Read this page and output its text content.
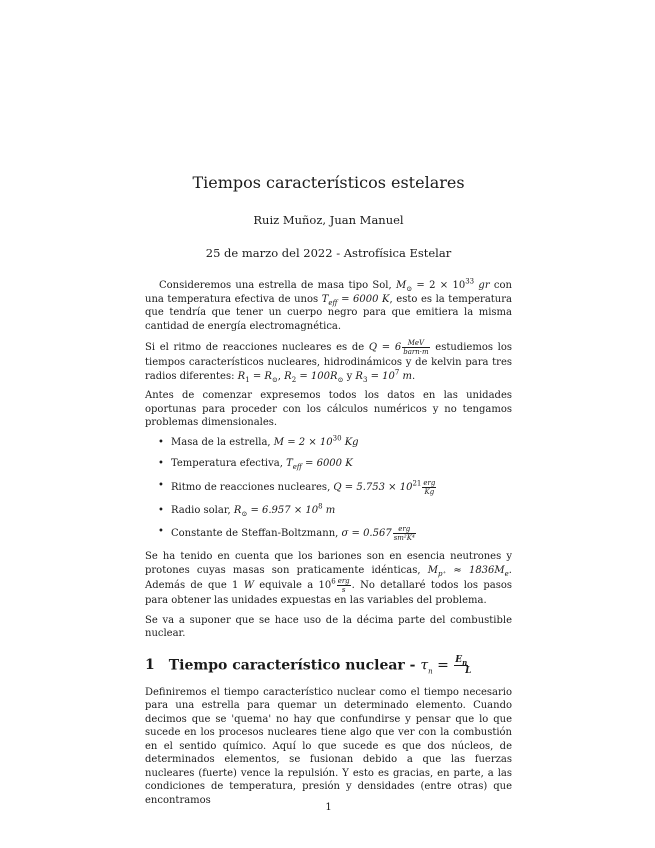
Tiempos característicos estelares
Ruiz Muñoz, Juan Manuel
25 de marzo del 2022 - Astrofísica Estelar

Consideremos una estrella de masa tipo Sol, $M_⊙ = 2 \times 10^{33}$ gr con una temperatura efectiva de unos $T_{eff} = 6000$ K, esto es la temperatura que tendría que tener un cuerpo negro para que emitiera la misma cantidad de energía electromagnética.

Si el ritmo de reacciones nucleares es de $Q = 6 \frac{\text{MeV}}{\text{barn·m}}$ estudiemos los tiempos característicos nucleares, hidrodinámicos y de kelvin para tres radios diferentes: $R_1 = R_⊙$, $R_2 = 100R_⊙$ y $R_3 = 10^7$ m.

Antes de comenzar expresemos todos los datos en las unidades oportunas para proceder con los cálculos numéricos y no tengamos problemas dimensionales.

• Masa de la estrella, $M = 2 \times 10^{30}$ Kg
• Temperatura efectiva, $T_{eff} = 6000$ K
• Ritmo de reacciones nucleares, $Q = 5.753 \times 10^{21} \frac{\text{erg}}{Kg}$
• Radio solar, $R_⊙ = 6.957 \times 10^8$ m
• Constante de Steffan-Boltzmann, $\sigma = 0.567 \frac{\text{erg}}{\text{sm²K⁴}}$

Se ha tenido en cuenta que los bariones son en esencia neutrones y protones cuyas masas son praticamente idénticas, $M_{p^+} \approx 1836M_e$. Además de que 1 W equivale a $10^6 \frac{\text{erg}}{s}$ . No detallaré todos los pasos para obtener las unidades expuestas en las variables del problema.

Se va a suponer que se hace uso de la décima parte del combustible nuclear.

1 Tiempo característico nuclear - $\tau_n = \frac{E_n}{L}$

Definiremos el tiempo característico nuclear como el tiempo necesario para una estrella para quemar un determinado elemento. Cuando decimos que se 'quema' no hay que confundirse y pensar que lo que sucede en los procesos nucleares tiene algo que ver con la combustión en el sentido químico. Aquí lo que sucede es que dos núcleos, de determinados elementos, se fusionan debido a que las fuerzas nucleares (fuerte) vence la repulsión. Y esto es gracias, en parte, a las condiciones de temperatura, presión y densidades (entre otras) que encontramos

1
